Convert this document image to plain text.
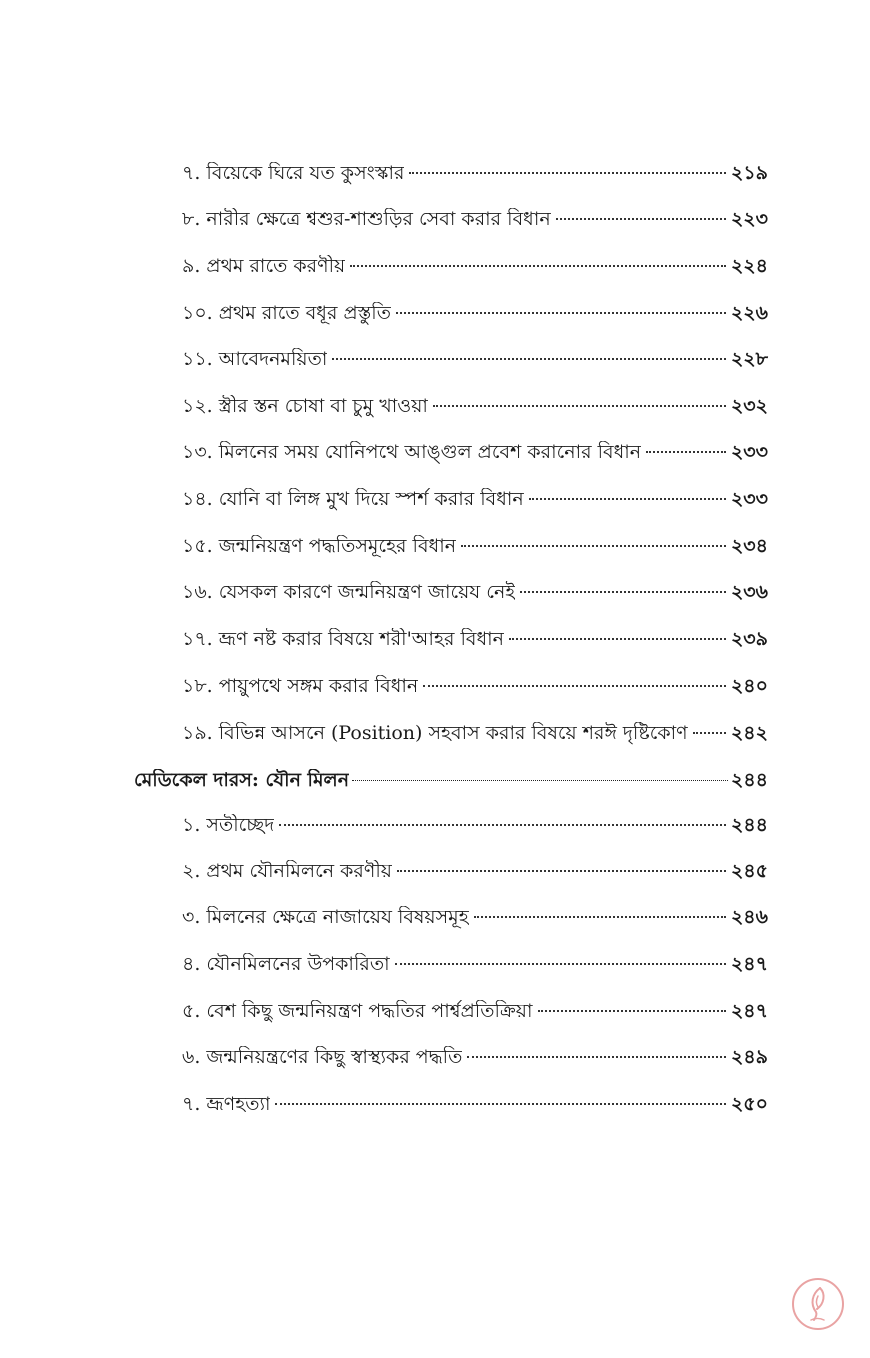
৭. বিয়েকে ঘিরে যত কুসংস্কার	২১৯
৮. নারীর ক্ষেত্রে শ্বশুর-শাশুড়ির সেবা করার বিধান	২২৩
৯. প্রথম রাতে করণীয়	২২৪
১০. প্রথম রাতে বধূর প্রস্তুতি	২২৬
১১. আবেদনময়িতা	২২৮
১২. স্ত্রীর স্তন চোষা বা চুমু খাওয়া	২৩২
১৩. মিলনের সময় যোনিপথে আঙ্গুল প্রবেশ করানোর বিধান	২৩৩
১৪. যোনি বা লিঙ্গ মুখ দিয়ে স্পর্শ করার বিধান	২৩৩
১৫. জন্মনিয়ন্ত্রণ পদ্ধতিসমূহের বিধান	২৩৪
১৬. যেসকল কারণে জন্মনিয়ন্ত্রণ জায়েয নেই	২৩৬
১৭. ভ্রূণ নষ্ট করার বিষয়ে শরী'আহর বিধান	২৩৯
১৮. পায়ুপথে সঙ্গম করার বিধান	২৪০
১৯. বিভিন্ন আসনে (Position) সহবাস করার বিষয়ে শরঈ দৃষ্টিকোণ ২৪২
মেডিকেল দারস: যৌন মিলন	২৪৪
১. সতীচ্ছেদ	২৪৪
২. প্রথম যৌনমিলনে করণীয়	২৪৫
৩. মিলনের ক্ষেত্রে নাজায়েয বিষয়সমূহ	২৪৬
৪. যৌনমিলনের উপকারিতা	২৪৭
৫. বেশ কিছু জন্মনিয়ন্ত্রণ পদ্ধতির পার্শ্বপ্রতিক্রিয়া	২৪৭
৬. জন্মনিয়ন্ত্রণের কিছু স্বাস্থ্যকর পদ্ধতি	২৪৯
৭. ভ্রূণহত্যা	২৫০
